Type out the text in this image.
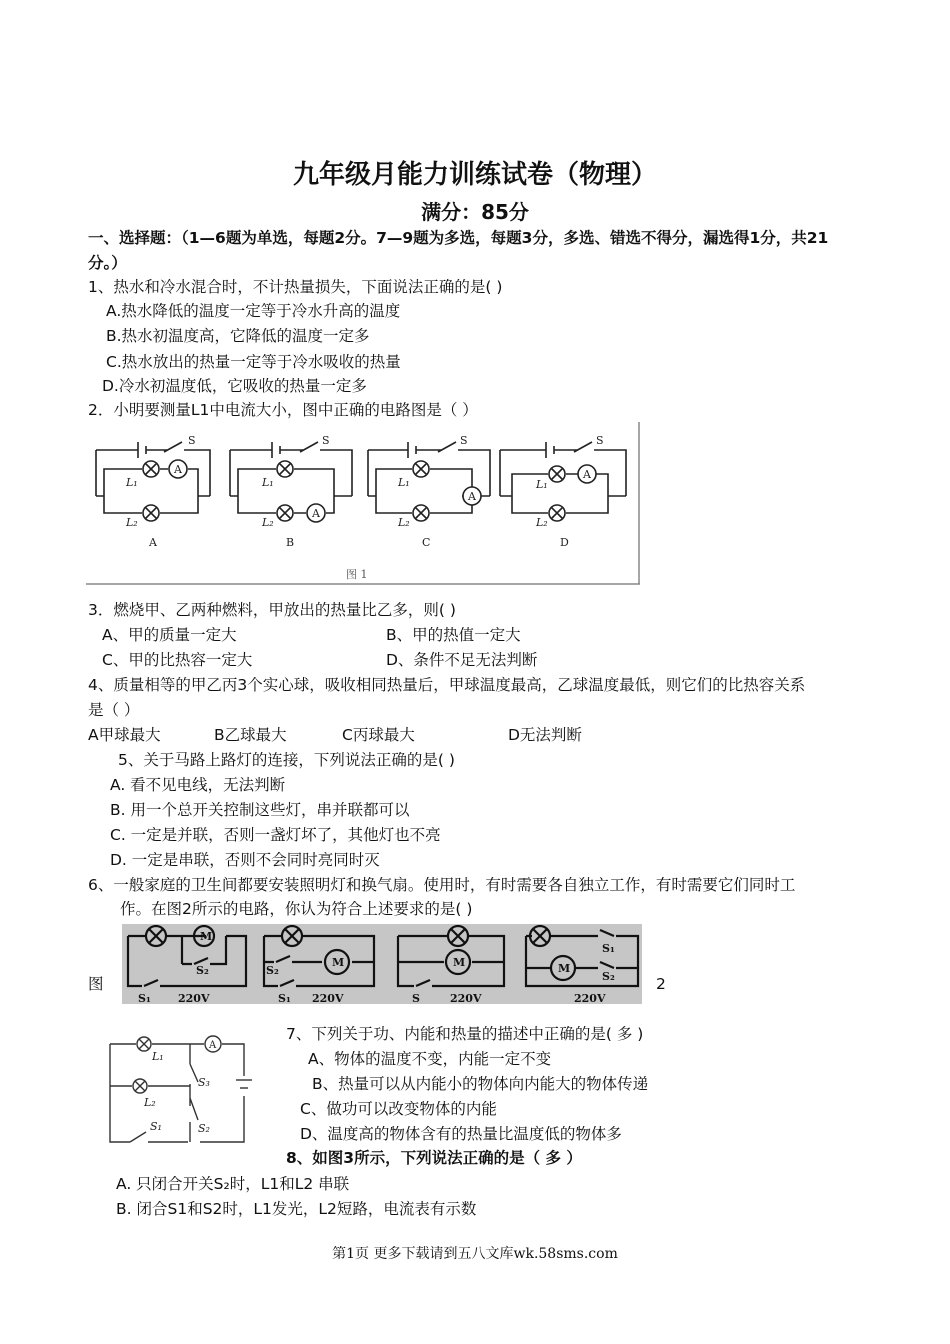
九年级月能力训练试卷（物理）
满分：85分
一、选择题：（1—6题为单选，每题2分。7—9题为多选，每题3分，多选、错选不得分，漏选得1分，共21
分。）
1、热水和冷水混合时，不计热量损失，下面说法正确的是( )
A.热水降低的温度一定等于冷水升高的温度
B.热水初温度高，它降低的温度一定多
C.热水放出的热量一定等于冷水吸收的热量
D.冷水初温度低，它吸收的热量一定多
2．小明要测量L1中电流大小，图中正确的电路图是（ ）
S	S	S	S
A
A
A
A
L₁
L₂
L₁
L₂
L₁
L₂
L₁
L₂
A	B	C	D
图 1
3．燃烧甲、乙两种燃料，甲放出的热量比乙多，则( )
A、甲的质量一定大	B、甲的热值一定大
C、甲的比热容一定大	D、条件不足无法判断
4、质量相等的甲乙丙3个实心球，吸收相同热量后，甲球温度最高，乙球温度最低，则它们的比热容关系
是（ ）
A甲球最大	B乙球最大	C丙球最大	D无法判断
5、关于马路上路灯的连接，下列说法正确的是( )
A. 看不见电线，无法判断
B. 用一个总开关控制这些灯，串并联都可以
C. 一定是并联，否则一盏灯坏了，其他灯也不亮
D. 一定是串联，否则不会同时亮同时灭
6、一般家庭的卫生间都要安装照明灯和换气扇。使用时，有时需要各自独立工作，有时需要它们同时工
作。在图2所示的电路，你认为符合上述要求的是( )
图	2
M
M	M	M
S₂
S₁ 220V
S₂
S₁ 220V	S	220V
S₁
S₂
220V
L₁
L₂
A
S₃
S₂
S₁
7、下列关于功、内能和热量的描述中正确的是( 多 )
A、物体的温度不变，内能一定不变
B、热量可以从内能小的物体向内能大的物体传递
C、做功可以改变物体的内能
D、温度高的物体含有的热量比温度低的物体多
8、如图3所示，下列说法正确的是（ 多 ）
A. 只闭合开关S₂时，L1和L2 串联
B. 闭合S1和S2时，L1发光，L2短路，电流表有示数
第1页 更多下载请到五八文库wk.58sms.com
